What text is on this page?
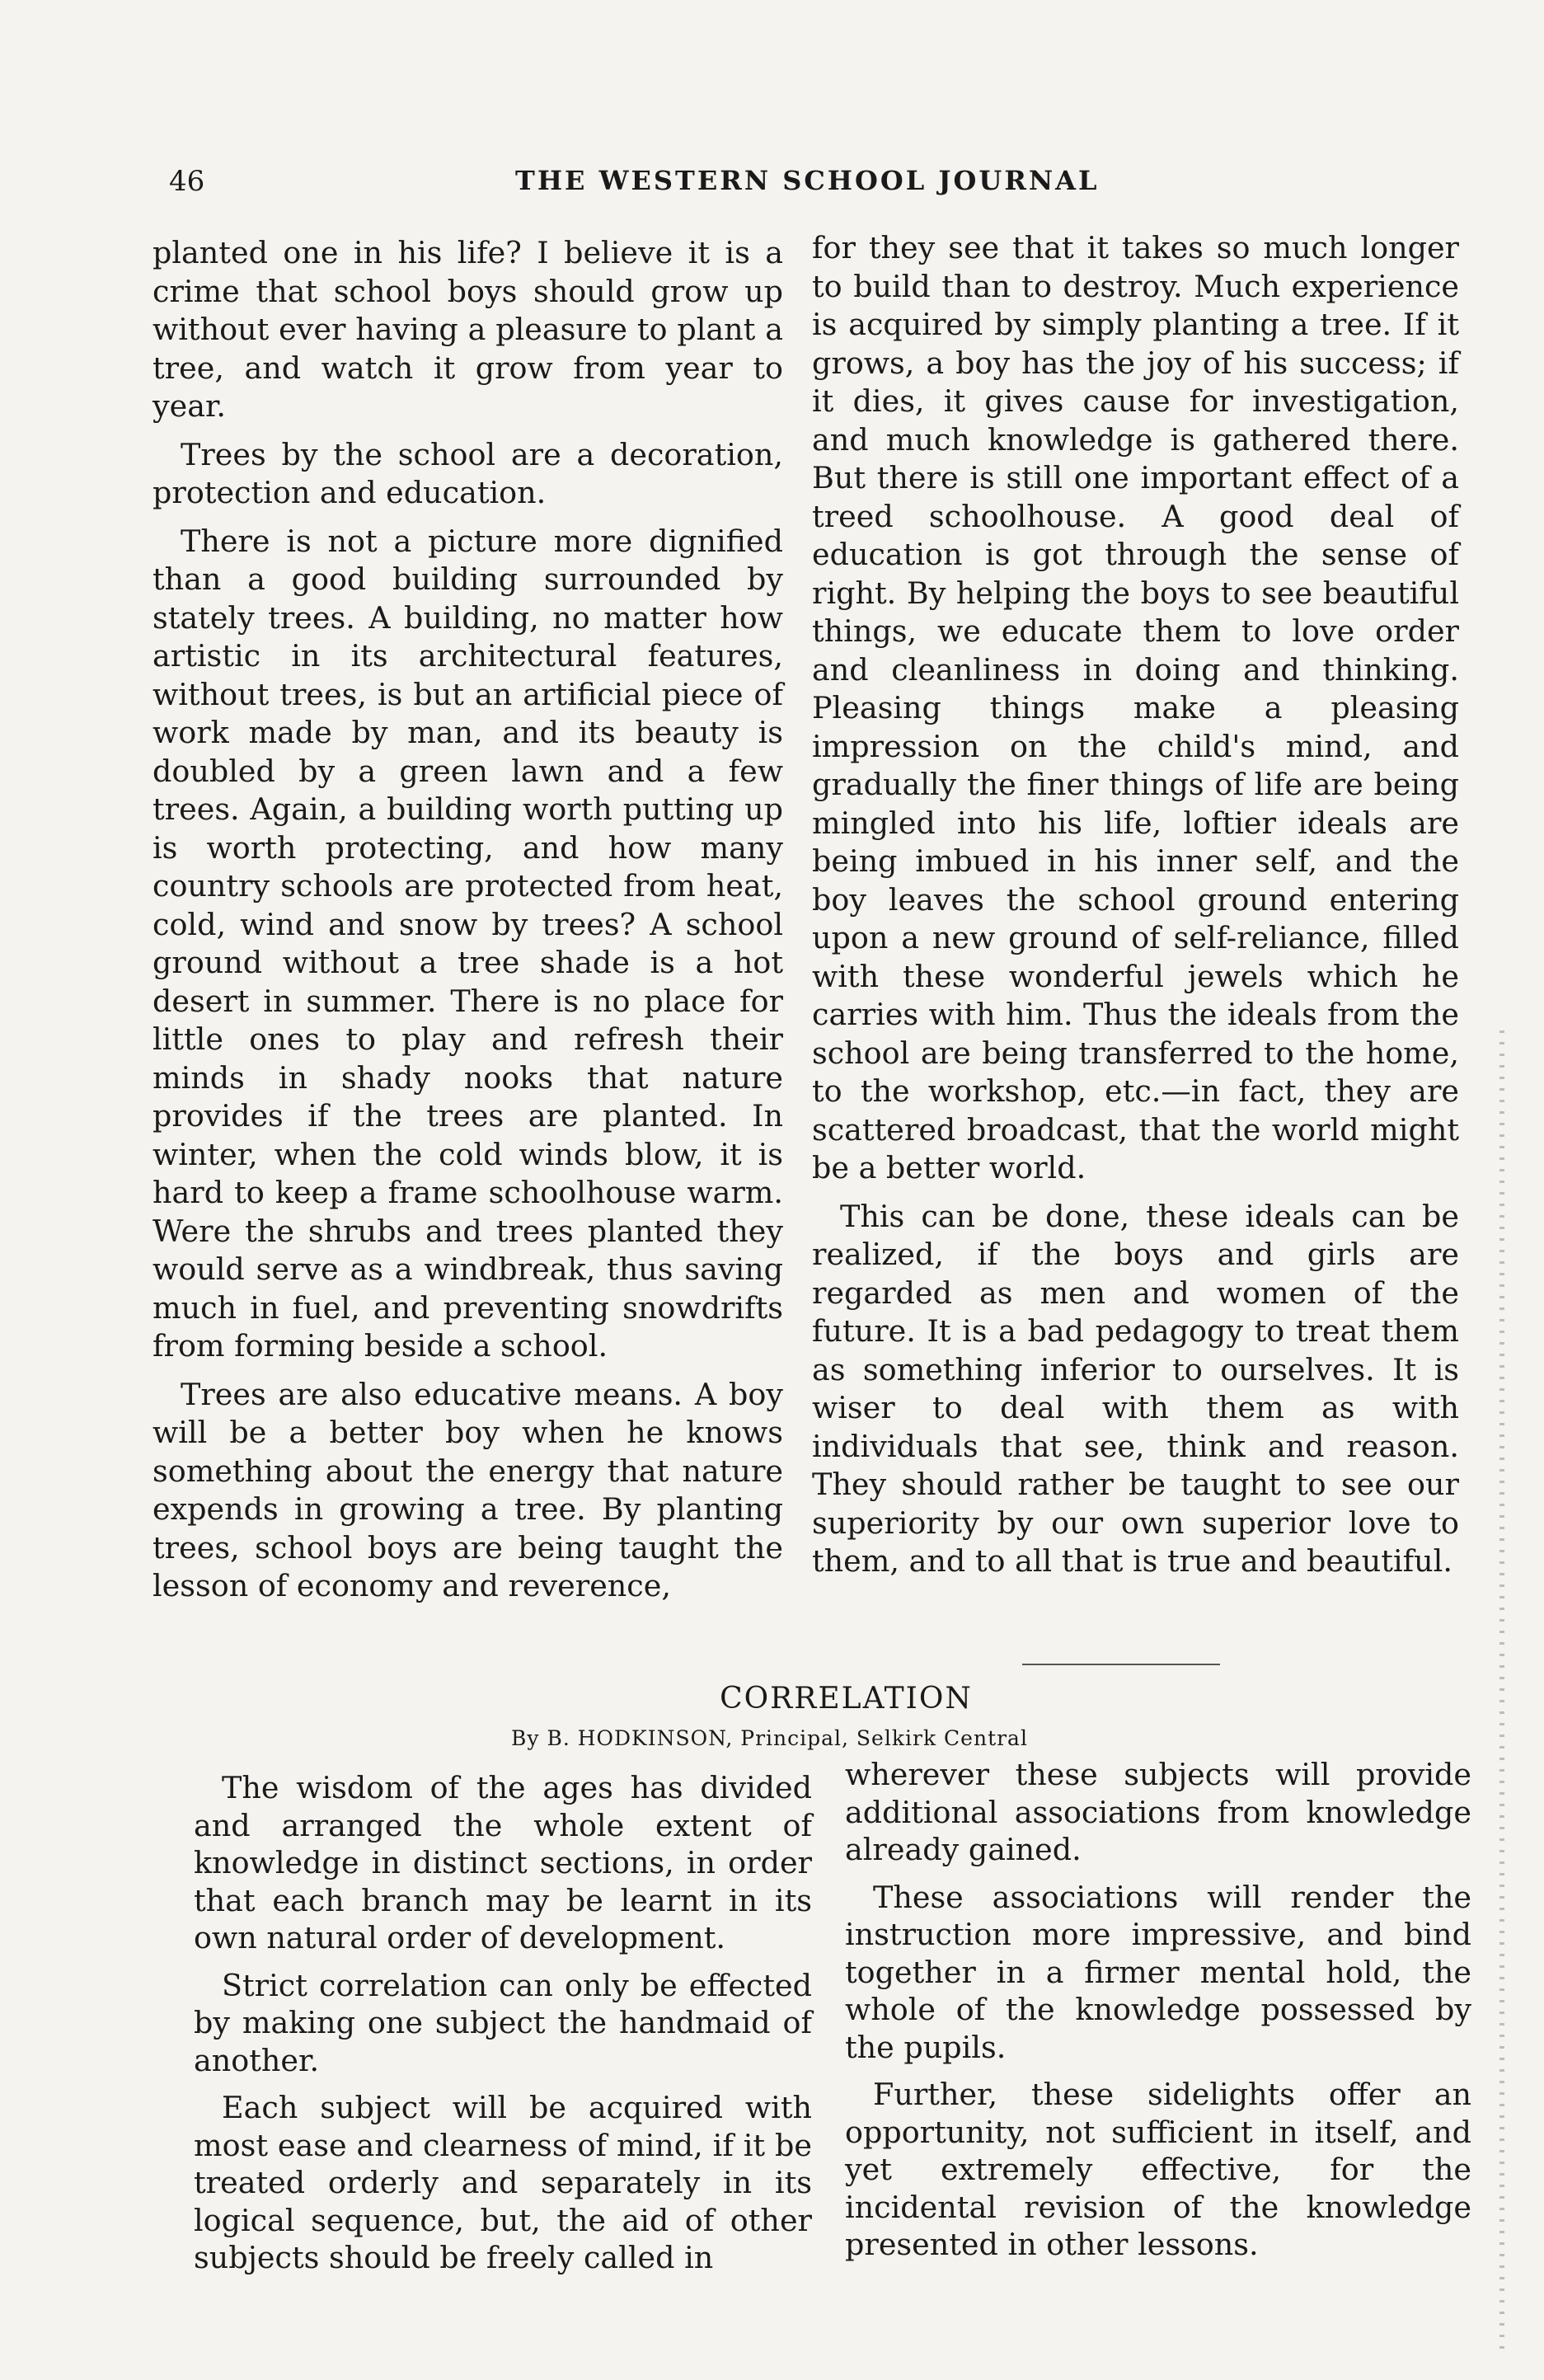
46	THE WESTERN SCHOOL JOURNAL

planted one in his life? I believe it is a crime that school boys should grow up without ever having a pleasure to plant a tree, and watch it grow from year to year.

Trees by the school are a decoration, protection and education.

There is not a picture more dignified than a good building surrounded by stately trees. A building, no matter how artistic in its architectural features, without trees, is but an artificial piece of work made by man, and its beauty is doubled by a green lawn and a few trees. Again, a building worth putting up is worth protecting, and how many country schools are protected from heat, cold, wind and snow by trees? A school ground without a tree shade is a hot desert in summer. There is no place for little ones to play and refresh their minds in shady nooks that nature provides if the trees are planted. In winter, when the cold winds blow, it is hard to keep a frame schoolhouse warm. Were the shrubs and trees planted they would serve as a windbreak, thus saving much in fuel, and preventing snowdrifts from forming beside a school.

Trees are also educative means. A boy will be a better boy when he knows something about the energy that nature expends in growing a tree. By planting trees, school boys are being taught the lesson of economy and reverence,

for they see that it takes so much longer to build than to destroy. Much experience is acquired by simply planting a tree. If it grows, a boy has the joy of his success; if it dies, it gives cause for investigation, and much knowledge is gathered there. But there is still one important effect of a treed schoolhouse. A good deal of education is got through the sense of right. By helping the boys to see beautiful things, we educate them to love order and cleanliness in doing and thinking. Pleasing things make a pleasing impression on the child's mind, and gradually the finer things of life are being mingled into his life, loftier ideals are being imbued in his inner self, and the boy leaves the school ground entering upon a new ground of self-reliance, filled with these wonderful jewels which he carries with him. Thus the ideals from the school are being transferred to the home, to the workshop, etc.—in fact, they are scattered broadcast, that the world might be a better world.

This can be done, these ideals can be realized, if the boys and girls are regarded as men and women of the future. It is a bad pedagogy to treat them as something inferior to ourselves. It is wiser to deal with them as with individuals that see, think and reason. They should rather be taught to see our superiority by our own superior love to them, and to all that is true and beautiful.

CORRELATION
By B. HODKINSON, Principal, Selkirk Central

The wisdom of the ages has divided and arranged the whole extent of knowledge in distinct sections, in order that each branch may be learnt in its own natural order of development.

Strict correlation can only be effected by making one subject the handmaid of another.

Each subject will be acquired with most ease and clearness of mind, if it be treated orderly and separately in its logical sequence, but, the aid of other subjects should be freely called in

wherever these subjects will provide additional associations from knowledge already gained.

These associations will render the instruction more impressive, and bind together in a firmer mental hold, the whole of the knowledge possessed by the pupils.

Further, these sidelights offer an opportunity, not sufficient in itself, and yet extremely effective, for the incidental revision of the knowledge presented in other lessons.
